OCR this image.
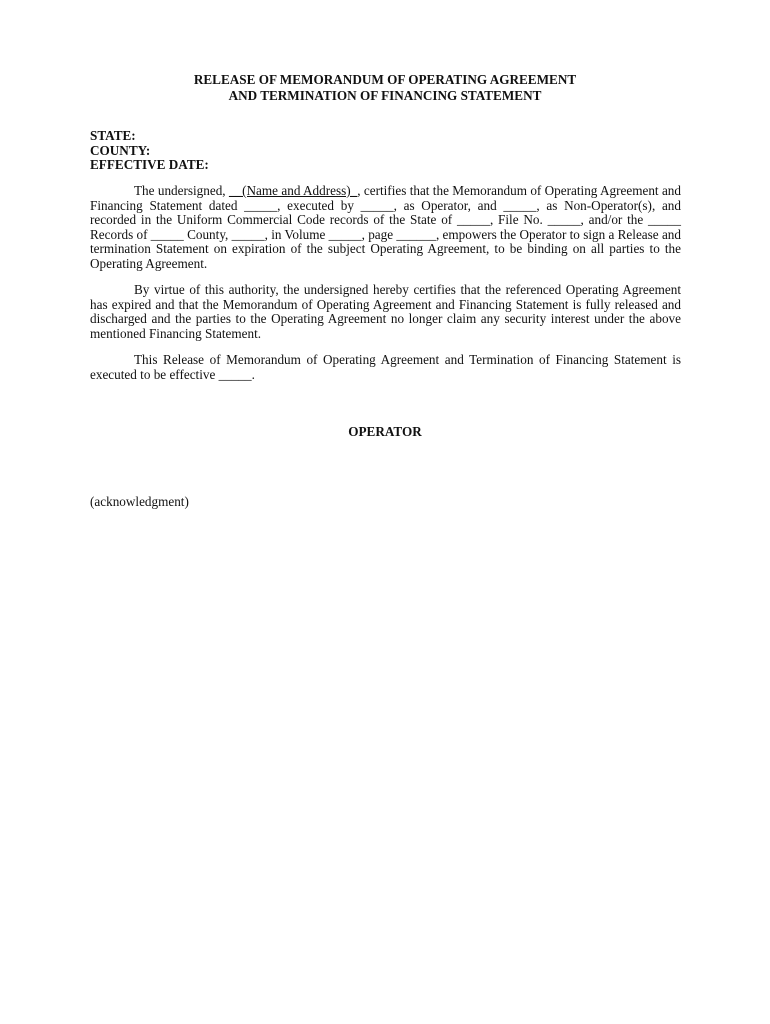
RELEASE OF MEMORANDUM OF OPERATING AGREEMENT
AND TERMINATION OF FINANCING STATEMENT
STATE:
COUNTY:
EFFECTIVE DATE:

The undersigned, __(Name and Address)_, certifies that the Memorandum of Operating Agreement and Financing Statement dated _____, executed by _____, as Operator, and _____, as Non-Operator(s), and recorded in the Uniform Commercial Code records of the State of _____, File No. _____, and/or the _____ Records of _____ County, _____, in Volume _____, page ______, empowers the Operator to sign a Release and termination Statement on expiration of the subject Operating Agreement, to be binding on all parties to the Operating Agreement.

By virtue of this authority, the undersigned hereby certifies that the referenced Operating Agreement has expired and that the Memorandum of Operating Agreement and Financing Statement is fully released and discharged and the parties to the Operating Agreement no longer claim any security interest under the above mentioned Financing Statement.

This Release of Memorandum of Operating Agreement and Termination of Financing Statement is executed to be effective _____.

OPERATOR
(acknowledgment)
